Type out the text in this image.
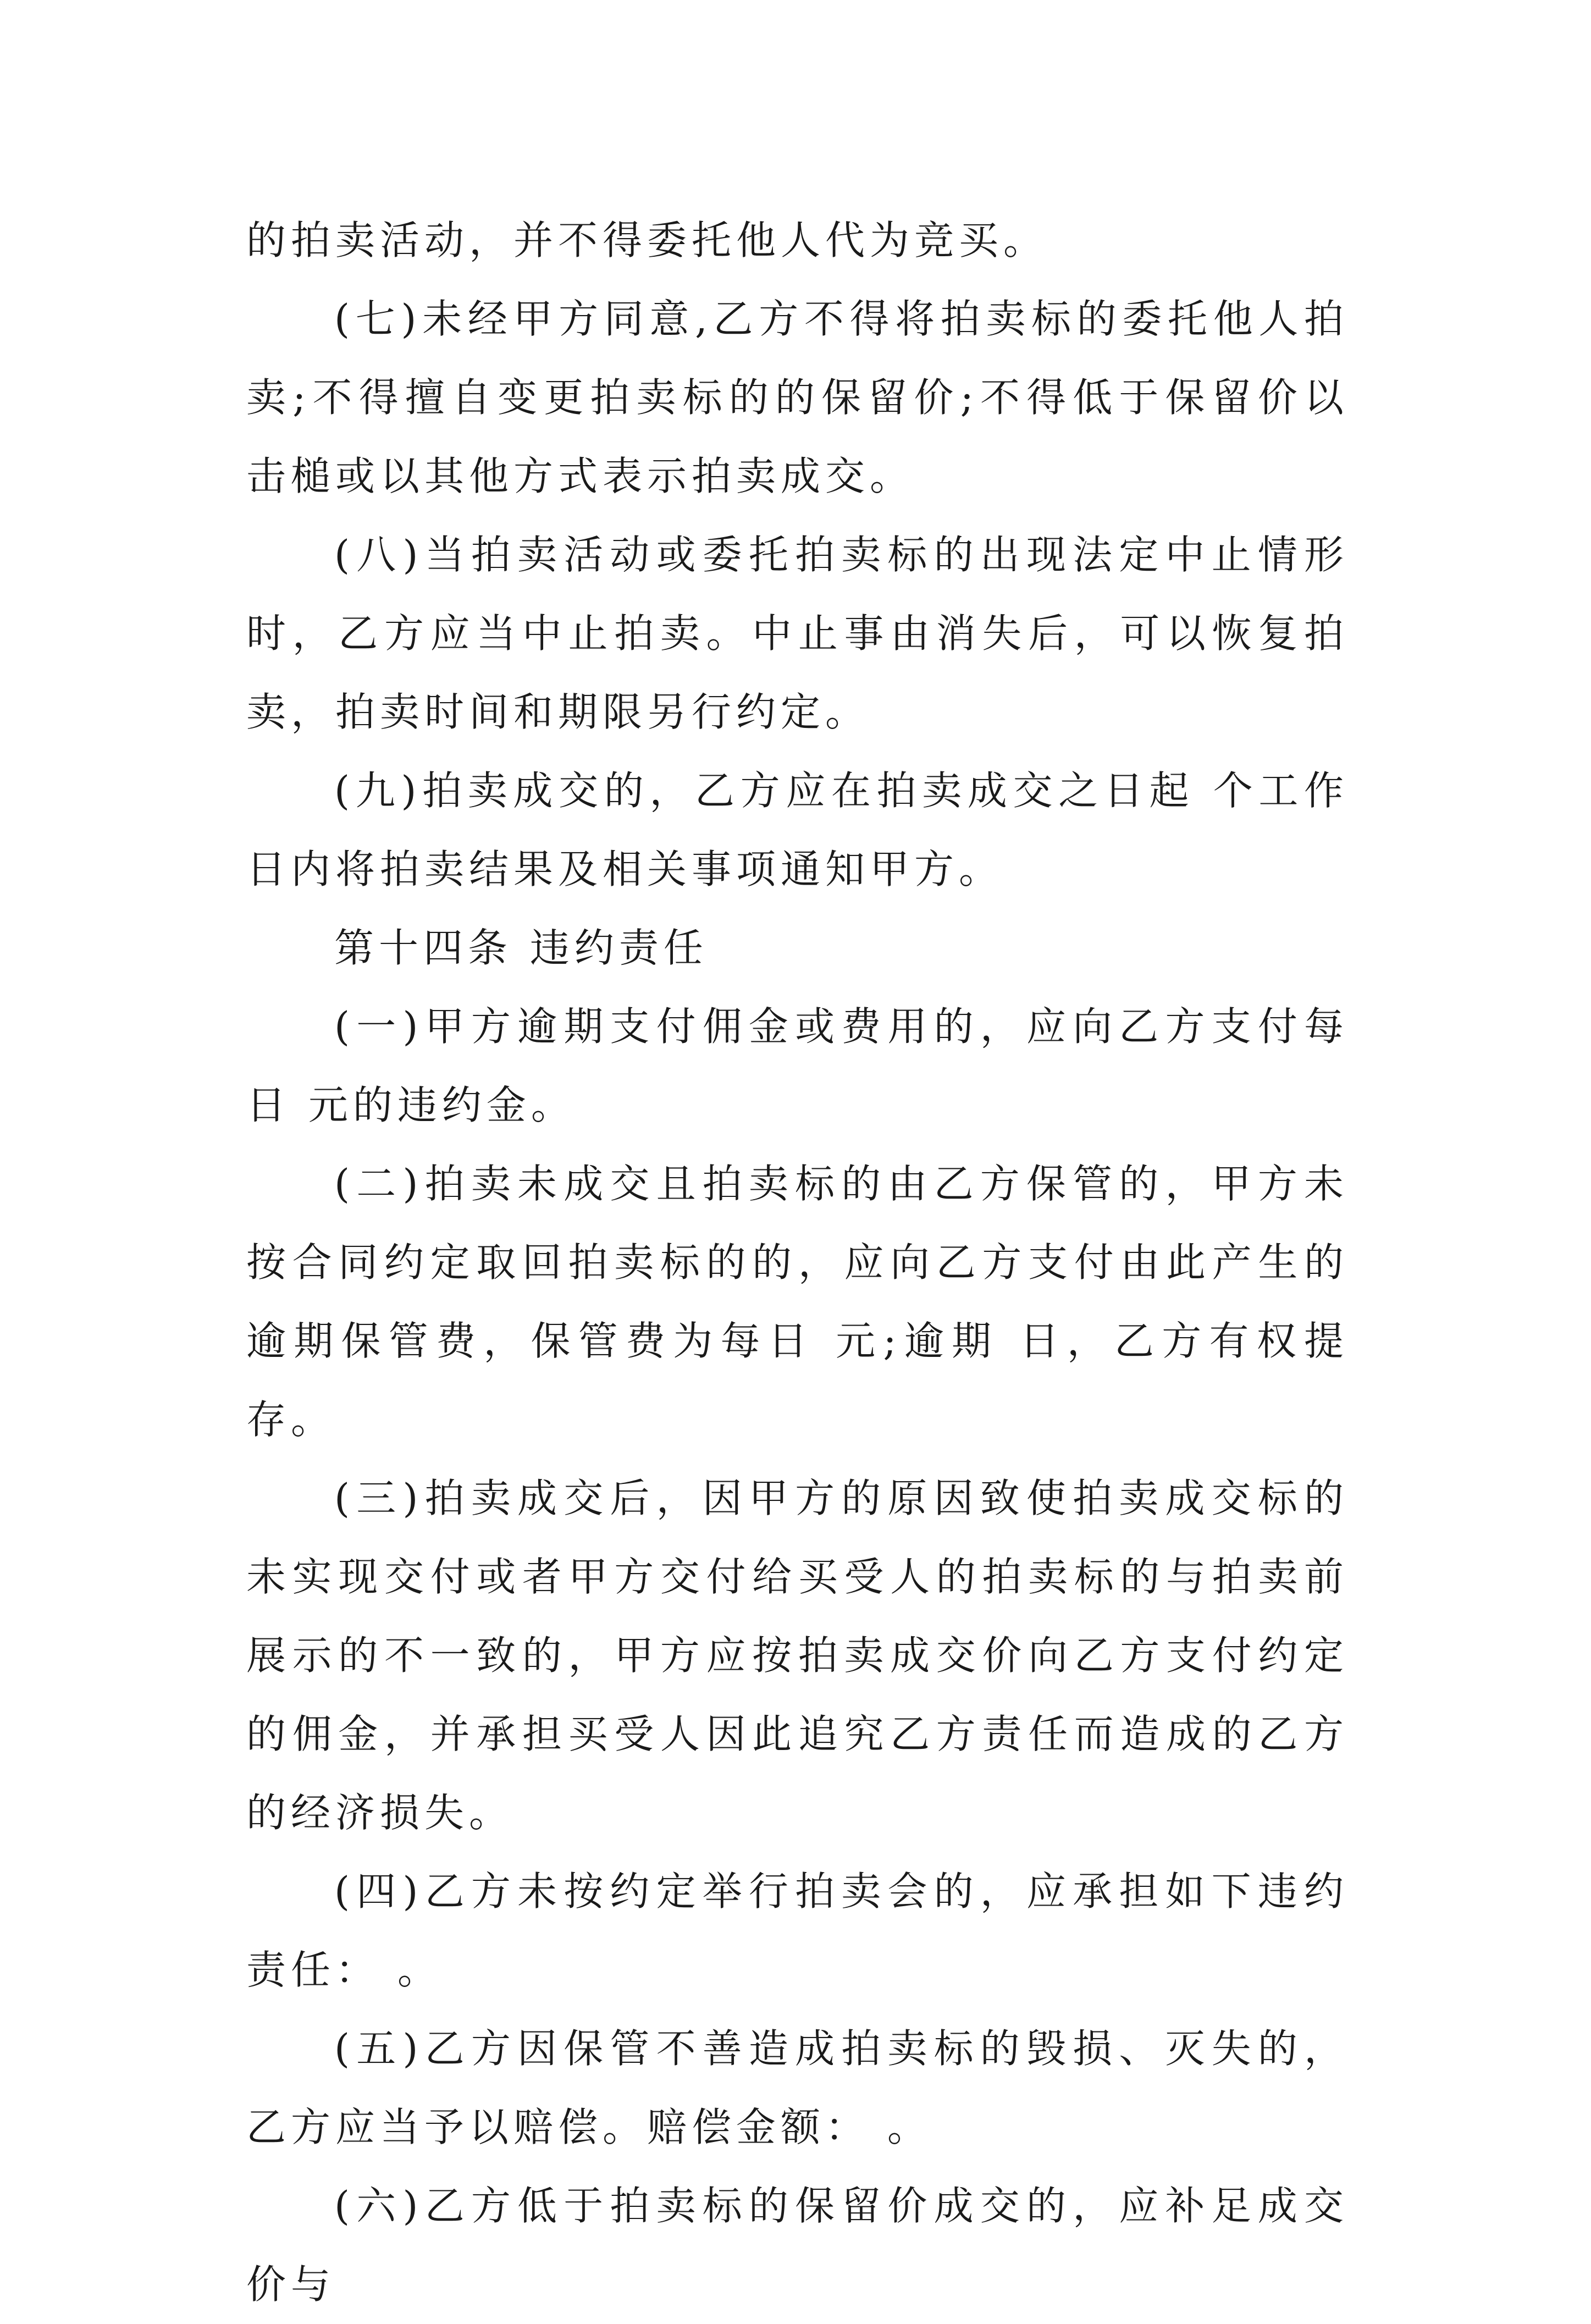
的拍卖活动，并不得委托他人代为竞买。

(七)未经甲方同意,乙方不得将拍卖标的委托他人拍卖;不得擅自变更拍卖标的的保留价;不得低于保留价以击槌或以其他方式表示拍卖成交。

(八)当拍卖活动或委托拍卖标的出现法定中止情形时，乙方应当中止拍卖。中止事由消失后，可以恢复拍卖，拍卖时间和期限另行约定。

(九)拍卖成交的，乙方应在拍卖成交之日起 个工作日内将拍卖结果及相关事项通知甲方。

第十四条 违约责任

(一)甲方逾期支付佣金或费用的，应向乙方支付每日 元的违约金。

(二)拍卖未成交且拍卖标的由乙方保管的，甲方未按合同约定取回拍卖标的的，应向乙方支付由此产生的逾期保管费，保管费为每日 元;逾期 日，乙方有权提存。

(三)拍卖成交后，因甲方的原因致使拍卖成交标的未实现交付或者甲方交付给买受人的拍卖标的与拍卖前展示的不一致的，甲方应按拍卖成交价向乙方支付约定的佣金，并承担买受人因此追究乙方责任而造成的乙方的经济损失。

(四)乙方未按约定举行拍卖会的，应承担如下违约责任： 。

(五)乙方因保管不善造成拍卖标的毁损、灭失的，乙方应当予以赔偿。赔偿金额： 。

(六)乙方低于拍卖标的保留价成交的，应补足成交价与
